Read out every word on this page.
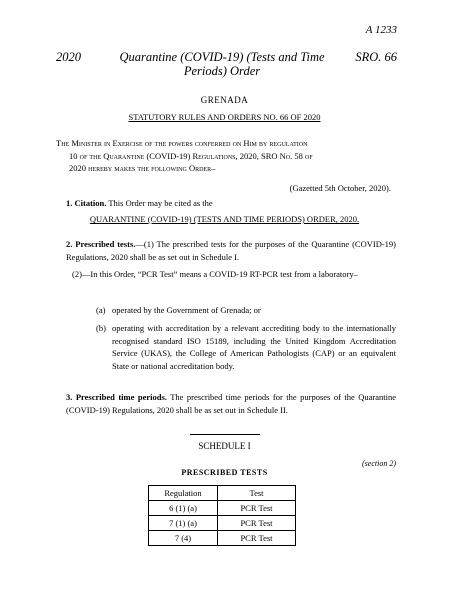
A 1233
2020	Quarantine (COVID-19) (Tests and Time Periods) Order
SRO. 66
GRENADA
STATUTORY RULES AND ORDERS NO. 66 OF 2020

The Minister in Exercise of the powers conferred on Him by regulation

10 of the Quarantine (COVID-19) Regulations, 2020, SRO No. 58 of

2020 hereby makes the following Order–

(Gazetted 5th October, 2020).
1. Citation. This Order may be cited as the
QUARANTINE (COVID-19) (TESTS AND TIME PERIODS) ORDER, 2020.
2. Prescribed tests.—(1) The prescribed tests for the purposes of the Quarantine (COVID-19) Regulations, 2020 shall be as set out in Schedule I.
(2)—In this Order, “PCR Test” means a COVID-19 RT-PCR test from a laboratory–
(a) operated by the Government of Grenada; or
(b) operating with accreditation by a relevant accrediting body to the internationally recognised standard ISO 15189, including the United Kingdom Accreditation Service (UKAS), the College of American Pathologists (CAP) or an equivalent State or national accreditation body.
3. Prescribed time periods. The prescribed time periods for the purposes of the Quarantine (COVID-19) Regulations, 2020 shall be as set out in Schedule II.
SCHEDULE I
(section 2)
PRESCRIBED TESTS
Regulation	Test
6 (1) (a)	PCR Test
7 (1) (a)	PCR Test
7 (4)	PCR Test
